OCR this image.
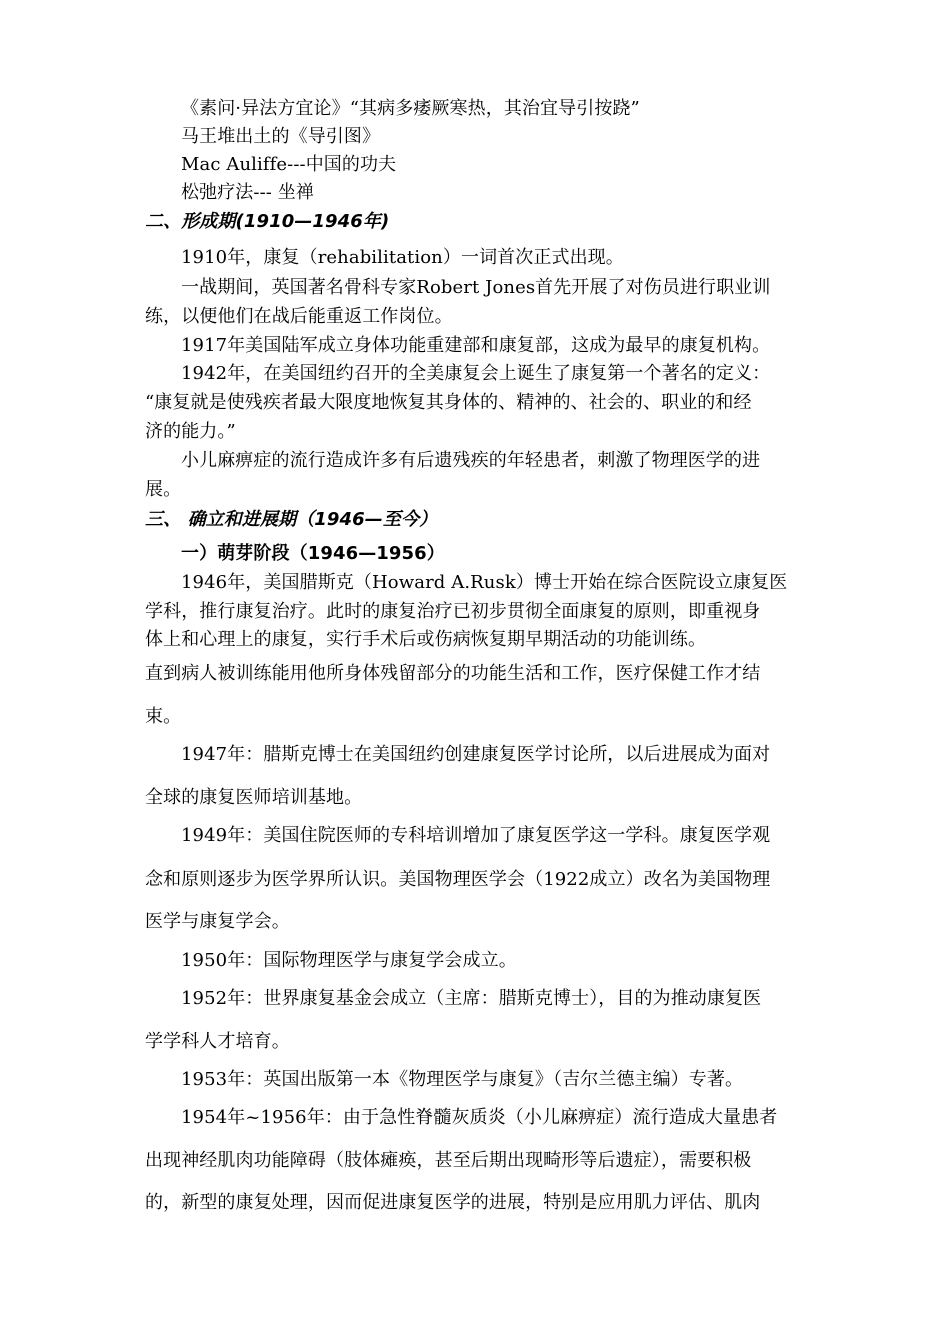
《素问·异法方宜论》“其病多痿厥寒热，其治宜导引按跷”
马王堆出土的《导引图》
Mac Auliffe---中国的功夫
松弛疗法--- 坐禅
二、形成期(1910—1946年)
1910年，康复（rehabilitation）一词首次正式出现。
一战期间，英国著名骨科专家Robert Jones首先开展了对伤员进行职业训
练，以便他们在战后能重返工作岗位。
1917年美国陆军成立身体功能重建部和康复部，这成为最早的康复机构。
1942年，在美国纽约召开的全美康复会上诞生了康复第一个著名的定义：
“康复就是使残疾者最大限度地恢复其身体的、精神的、社会的、职业的和经
济的能力。”
小儿麻痹症的流行造成许多有后遗残疾的年轻患者，刺激了物理医学的进
展。
三、 确立和进展期（1946—至今）
一）萌芽阶段（1946—1956）
1946年，美国腊斯克（Howard A.Rusk）博士开始在综合医院设立康复医
学科，推行康复治疗。此时的康复治疗已初步贯彻全面康复的原则，即重视身
体上和心理上的康复，实行手术后或伤病恢复期早期活动的功能训练。
直到病人被训练能用他所身体残留部分的功能生活和工作，医疗保健工作才结
束。
1947年：腊斯克博士在美国纽约创建康复医学讨论所，以后进展成为面对
全球的康复医师培训基地。
1949年：美国住院医师的专科培训增加了康复医学这一学科。康复医学观
念和原则逐步为医学界所认识。美国物理医学会（1922成立）改名为美国物理
医学与康复学会。
1950年：国际物理医学与康复学会成立。
1952年：世界康复基金会成立（主席：腊斯克博士），目的为推动康复医
学学科人才培育。
1953年：英国出版第一本《物理医学与康复》（吉尔兰德主编）专著。
1954年~1956年：由于急性脊髓灰质炎（小儿麻痹症）流行造成大量患者
出现神经肌肉功能障碍（肢体瘫痪，甚至后期出现畸形等后遗症），需要积极
的，新型的康复处理，因而促进康复医学的进展，特别是应用肌力评估、肌肉
